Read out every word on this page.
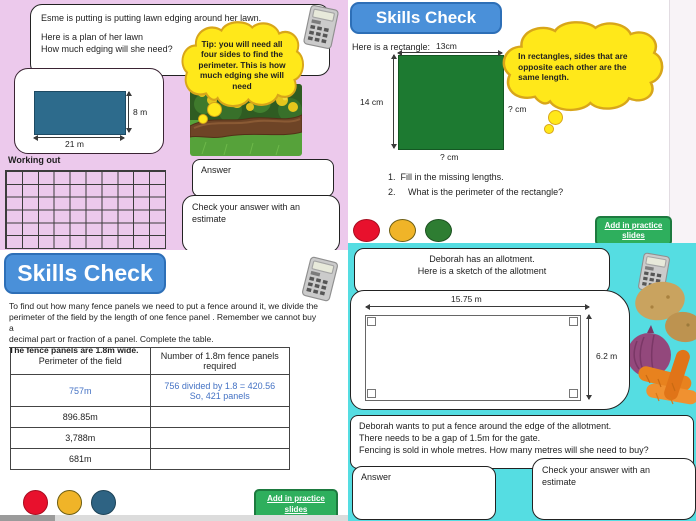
Esme is putting is putting lawn edging around her lawn.
Here is a plan of her lawn
How much edging will she need?
Tip: you will need all four sides to find the perimeter. This is how much edging she will need
8 m
21 m
Working out
Answer
Check your answer with an estimate
Skills Check
Here is a rectangle: 13cm
14 cm
? cm
? cm
In rectangles, sides that are opposite each other are the same length.
1. Fill in the missing lengths.
2. What is the perimeter of the rectangle?
Add in practice
slides
Skills Check
To find out how many fence panels we need to put a fence around it, we divide the
perimeter of the field by the length of one fence panel . Remember we cannot buy a
decimal part or fraction of a panel. Complete the table.
The fence panels are 1.8m wide.
Perimeter of the field	Number of 1.8m fence panels required
757m	756 divided by 1.8 = 420.56
So, 421 panels

896.85m	
3,788m	
681m	
Add in practice
slides
Deborah has an allotment.
Here is a sketch of the allotment
15.75 m
6.2 m
Deborah wants to put a fence around the edge of the allotment.
There needs to be a gap of 1.5m for the gate.
Fencing is sold in whole metres. How many metres will she need to buy?
Answer
Check your answer with an estimate
